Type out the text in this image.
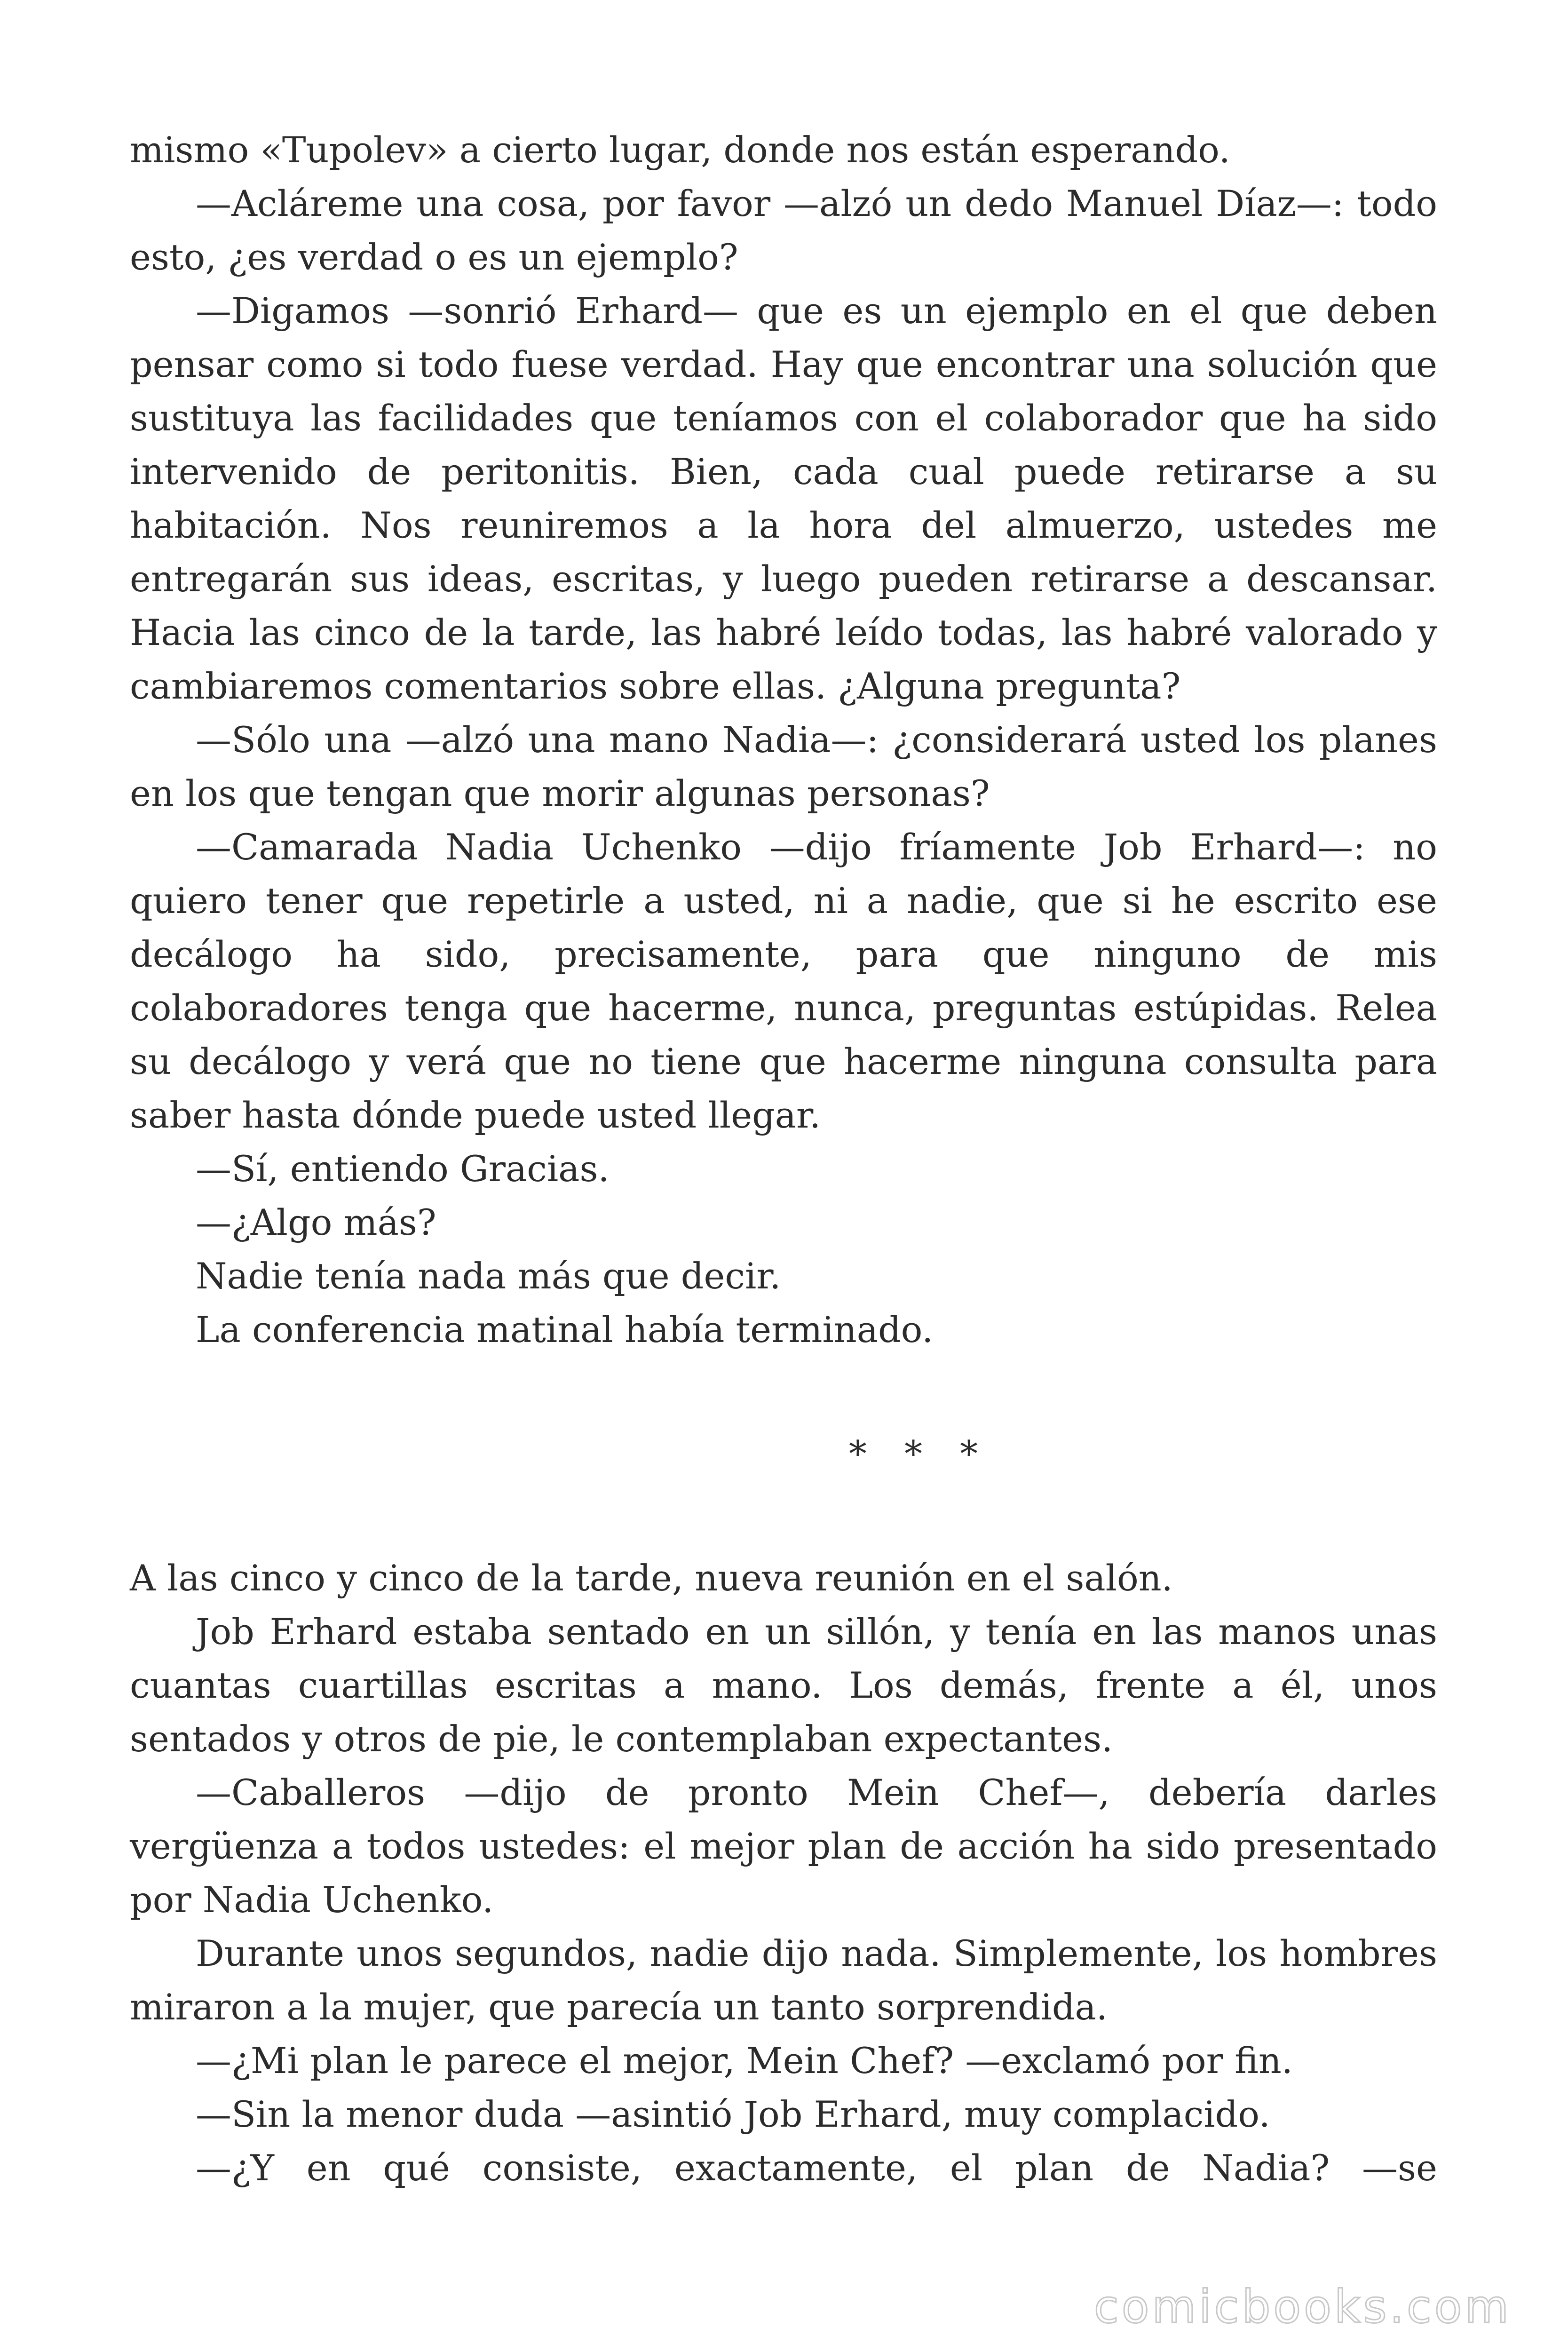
mismo «Tupolev» a cierto lugar, donde nos están esperando.

—Acláreme una cosa, por favor —alzó un dedo Manuel Díaz—: todo esto, ¿es verdad o es un ejemplo?

—Digamos —sonrió Erhard— que es un ejemplo en el que deben pensar como si todo fuese verdad. Hay que encontrar una solución que sustituya las facilidades que teníamos con el colaborador que ha sido intervenido de peritonitis. Bien, cada cual puede retirarse a su habitación. Nos reuniremos a la hora del almuerzo, ustedes me entregarán sus ideas, escritas, y luego pueden retirarse a descansar. Hacia las cinco de la tarde, las habré leído todas, las habré valorado y cambiaremos comentarios sobre ellas. ¿Alguna pregunta?

—Sólo una —alzó una mano Nadia—: ¿considerará usted los planes en los que tengan que morir algunas personas?

—Camarada Nadia Uchenko —dijo fríamente Job Erhard—: no quiero tener que repetirle a usted, ni a nadie, que si he escrito ese decálogo ha sido, precisamente, para que ninguno de mis colaboradores tenga que hacerme, nunca, preguntas estúpidas. Relea su decálogo y verá que no tiene que hacerme ninguna consulta para saber hasta dónde puede usted llegar.

—Sí, entiendo Gracias.

—¿Algo más?

Nadie tenía nada más que decir.

La conferencia matinal había terminado.

* * *

A las cinco y cinco de la tarde, nueva reunión en el salón.

Job Erhard estaba sentado en un sillón, y tenía en las manos unas cuantas cuartillas escritas a mano. Los demás, frente a él, unos sentados y otros de pie, le contemplaban expectantes.

—Caballeros —dijo de pronto Mein Chef—, debería darles vergüenza a todos ustedes: el mejor plan de acción ha sido presentado por Nadia Uchenko.

Durante unos segundos, nadie dijo nada. Simplemente, los hombres miraron a la mujer, que parecía un tanto sorprendida.

—¿Mi plan le parece el mejor, Mein Chef? —exclamó por fin.

—Sin la menor duda —asintió Job Erhard, muy complacido.

—¿Y en qué consiste, exactamente, el plan de Nadia? —se

comicbooks.com
